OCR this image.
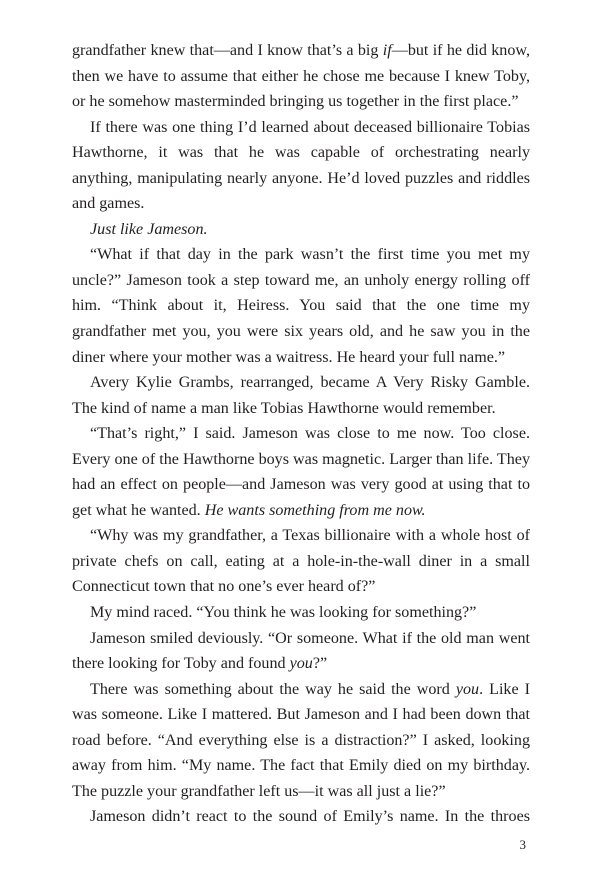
grandfather knew that—and I know that’s a big if—but if he did know, then we have to assume that either he chose me because I knew Toby, or he somehow masterminded bringing us together in the first place.”

If there was one thing I’d learned about deceased billionaire Tobias Hawthorne, it was that he was capable of orchestrating nearly anything, manipulating nearly anyone. He’d loved puzzles and riddles and games.

Just like Jameson.

“What if that day in the park wasn’t the first time you met my uncle?” Jameson took a step toward me, an unholy energy rolling off him. “Think about it, Heiress. You said that the one time my grandfather met you, you were six years old, and he saw you in the diner where your mother was a waitress. He heard your full name.”

Avery Kylie Grambs, rearranged, became A Very Risky Gamble. The kind of name a man like Tobias Hawthorne would remember.

“That’s right,” I said. Jameson was close to me now. Too close. Every one of the Hawthorne boys was magnetic. Larger than life. They had an effect on people—and Jameson was very good at using that to get what he wanted. He wants something from me now.

“Why was my grandfather, a Texas billionaire with a whole host of private chefs on call, eating at a hole-in-the-wall diner in a small Connecticut town that no one’s ever heard of?”

My mind raced. “You think he was looking for something?”

Jameson smiled deviously. “Or someone. What if the old man went there looking for Toby and found you?”

There was something about the way he said the word you. Like I was someone. Like I mattered. But Jameson and I had been down that road before. “And everything else is a distraction?” I asked, looking away from him. “My name. The fact that Emily died on my birthday. The puzzle your grandfather left us—it was all just a lie?”

Jameson didn’t react to the sound of Emily’s name. In the throes

3
